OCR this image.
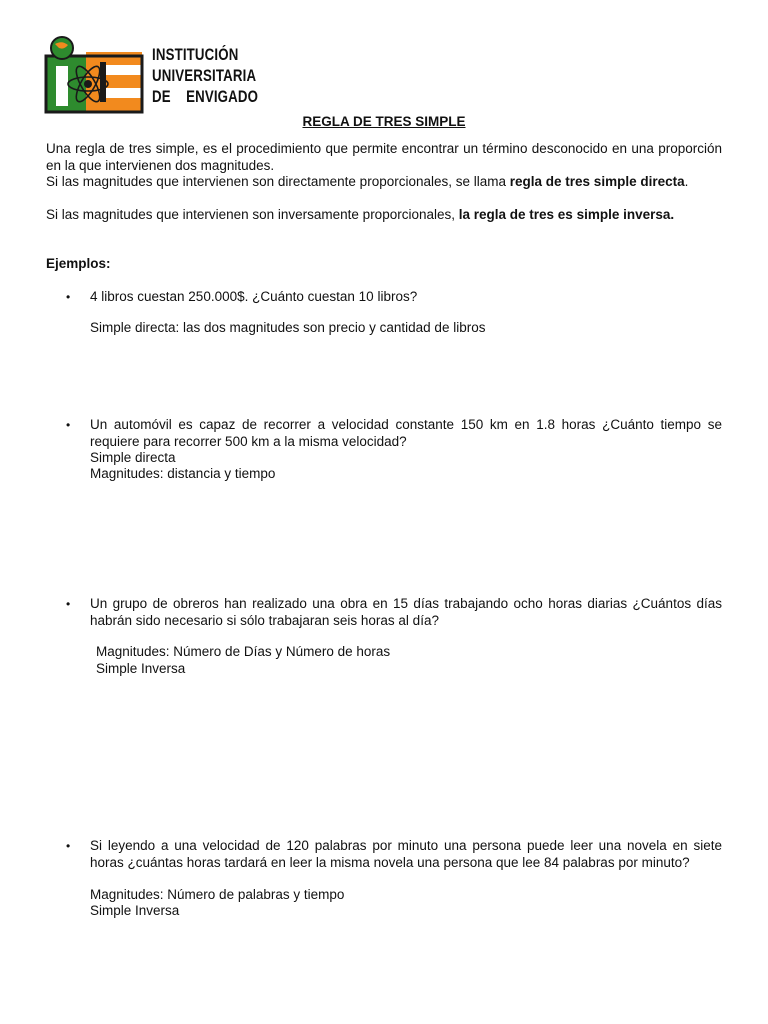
INSTITUCIÓN
UNIVERSITARIA
DE    ENVIGADO
REGLA DE TRES SIMPLE
Una regla de tres simple, es el procedimiento que permite encontrar un término desconocido en una proporción en la que intervienen dos magnitudes.
Si las magnitudes que intervienen son directamente proporcionales, se llama regla de tres simple directa.
Si las magnitudes que intervienen son inversamente proporcionales, la regla de tres es simple inversa.
Ejemplos:
• 4 libros cuestan 250.000$. ¿Cuánto cuestan 10 libros?
Simple directa: las dos magnitudes son precio y cantidad de libros
• Un automóvil es capaz de recorrer a velocidad constante 150 km en 1.8 horas ¿Cuánto tiempo se requiere para recorrer 500 km a la misma velocidad?
Simple directa
Magnitudes: distancia y tiempo
• Un grupo de obreros han realizado una obra en 15 días trabajando ocho horas diarias ¿Cuántos días habrán sido necesario si sólo trabajaran seis horas al día?
Magnitudes: Número de Días y Número de horas
Simple Inversa
• Si leyendo a una velocidad de 120 palabras por minuto una persona puede leer una novela en siete horas ¿cuántas horas tardará en leer la misma novela una persona que lee 84 palabras por minuto?
Magnitudes: Número de palabras y tiempo
Simple Inversa
